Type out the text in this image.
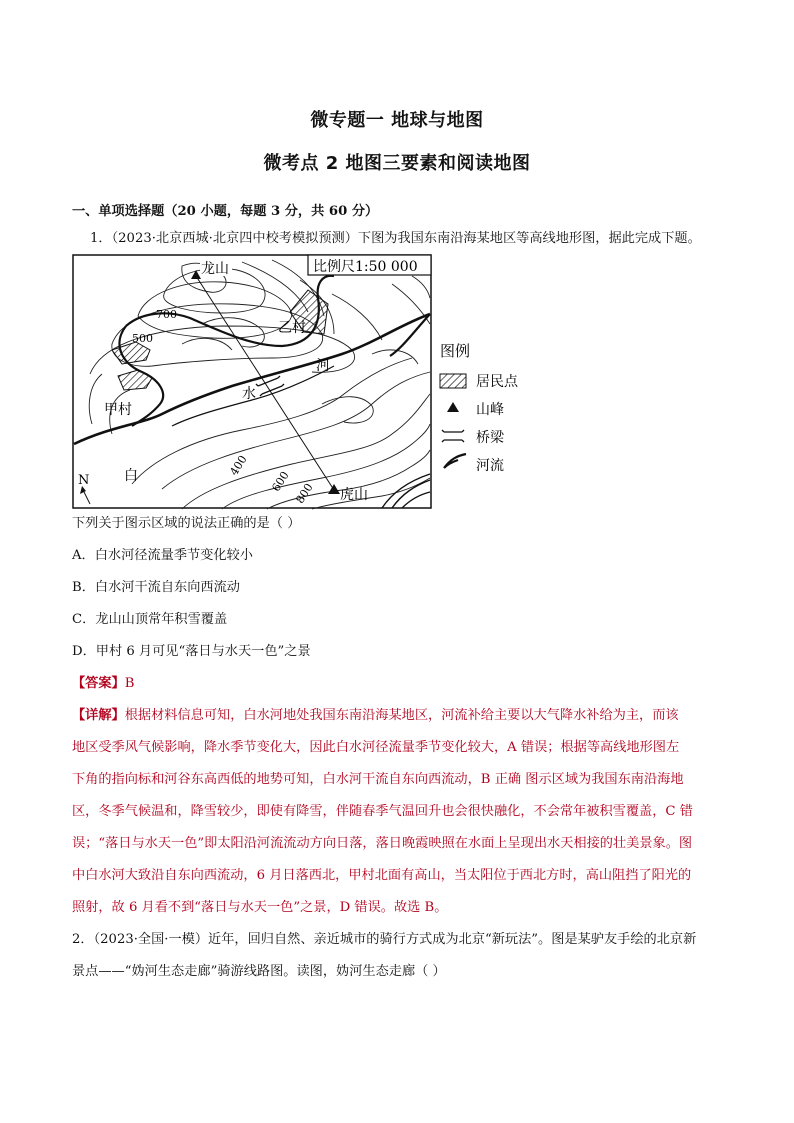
微专题一 地球与地图
微考点 2 地图三要素和阅读地图
一、单项选择题（20 小题，每题 3 分，共 60 分）
1．（2023·北京西城·北京四中校考模拟预测）下图为我国东南沿海某地区等高线地形图，据此完成下题。
比例尺1:50 000
龙山
虎山
甲村
乙村
河
水
白
700
500
400
600 800
N
图例
居民点
山峰
桥梁
河流
下列关于图示区域的说法正确的是（ ）
A．白水河径流量季节变化较小
B．白水河干流自东向西流动
C．龙山山顶常年积雪覆盖
D．甲村 6 月可见“落日与水天一色”之景
【答案】B
【详解】根据材料信息可知，白水河地处我国东南沿海某地区，河流补给主要以大气降水补给为主，而该
地区受季风气候影响，降水季节变化大，因此白水河径流量季节变化较大，A 错误；根据等高线地形图左
下角的指向标和河谷东高西低的地势可知，白水河干流自东向西流动，B 正确 图示区域为我国东南沿海地
区，冬季气候温和，降雪较少，即使有降雪，伴随春季气温回升也会很快融化，不会常年被积雪覆盖，C 错
误；“落日与水天一色”即太阳沿河流流动方向日落，落日晚霞映照在水面上呈现出水天相接的壮美景象。图
中白水河大致沿自东向西流动，6 月日落西北，甲村北面有高山，当太阳位于西北方时，高山阻挡了阳光的
照射，故 6 月看不到“落日与水天一色”之景，D 错误。故选 B。
2．（2023·全国·一模）近年，回归自然、亲近城市的骑行方式成为北京“新玩法”。图是某驴友手绘的北京新
景点——“妫河生态走廊”骑游线路图。读图，妫河生态走廊（ ）
